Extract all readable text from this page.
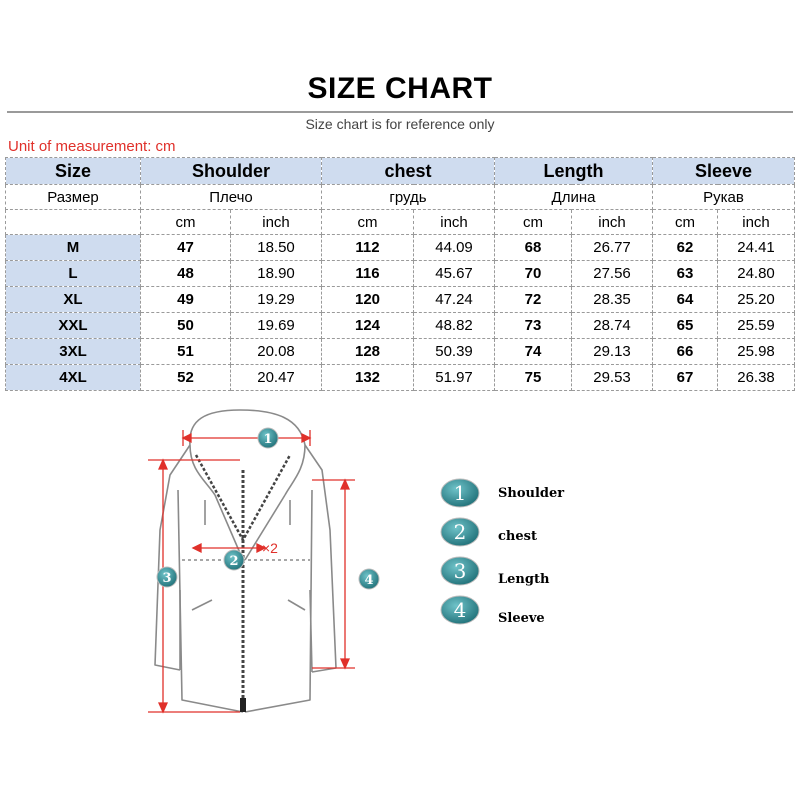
SIZE CHART
Size chart is for reference only
Unit of measurement: cm
Size	Shoulder		chest		Length		Sleeve	
Размер	Плечо		грудь		Длина		Рукав	
	cm	inch	cm	inch	cm	inch	cm	inch
M	47	18.50	112	44.09	68	26.77	62	24.41
L	48	18.90	116	45.67	70	27.56	63	24.80
XL	49	19.29	120	47.24	72	28.35	64	25.20
XXL	50	19.69	124	48.82	73	28.74	65	25.59
3XL	51	20.08	128	50.39	74	29.13	66	25.98
4XL	52	20.47	132	51.97	75	29.53	67	26.38
×2
1
2
3	4
1 Shoulder
2 chest
3 Length
4 Sleeve
